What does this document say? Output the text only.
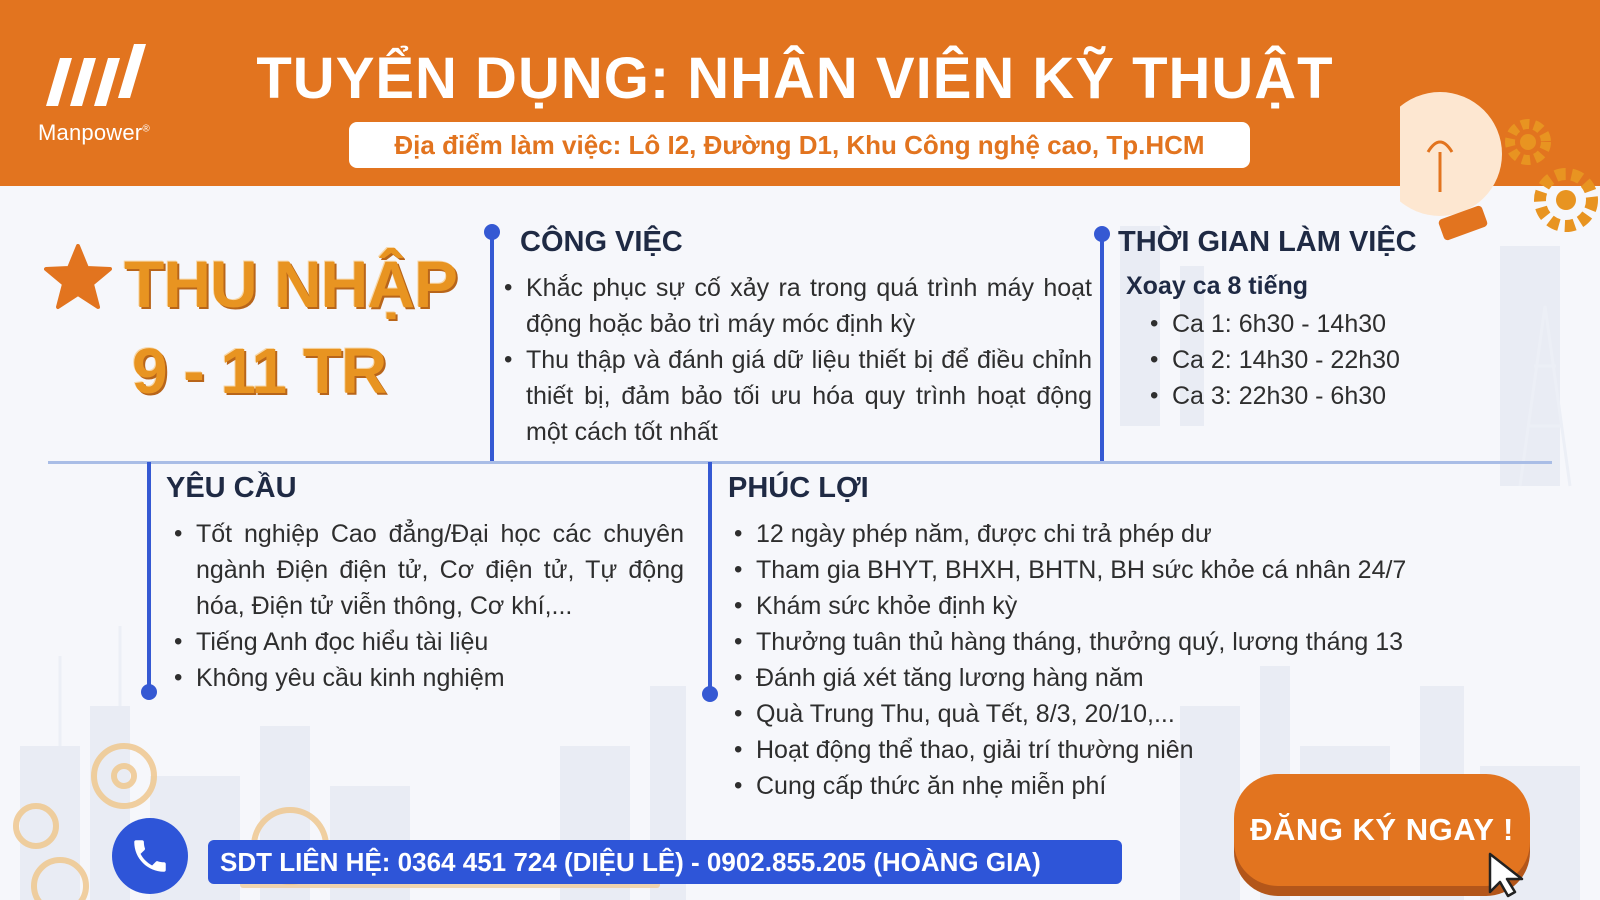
Manpower®
TUYỂN DỤNG: NHÂN VIÊN KỸ THUẬT
Địa điểm làm việc: Lô I2, Đường D1, Khu Công nghệ cao, Tp.HCM
THU NHẬP
9 - 11 TR
CÔNG VIỆC
• Khắc phục sự cố xảy ra trong quá trình máy hoạt động hoặc bảo trì máy móc định kỳ
• Thu thập và đánh giá dữ liệu thiết bị để điều chỉnh thiết bị, đảm bảo tối ưu hóa quy trình hoạt động một cách tốt nhất
THỜI GIAN LÀM VIỆC
Xoay ca 8 tiếng
• Ca 1: 6h30 - 14h30
• Ca 2: 14h30 - 22h30
• Ca 3: 22h30 - 6h30
YÊU CẦU
• Tốt nghiệp Cao đẳng/Đại học các chuyên ngành Điện điện tử, Cơ điện tử, Tự động hóa, Điện tử viễn thông, Cơ khí,...
• Tiếng Anh đọc hiểu tài liệu
• Không yêu cầu kinh nghiệm
PHÚC LỢI
• 12 ngày phép năm, được chi trả phép dư
• Tham gia BHYT, BHXH, BHTN, BH sức khỏe cá nhân 24/7
• Khám sức khỏe định kỳ
• Thưởng tuân thủ hàng tháng, thưởng quý, lương tháng 13
• Đánh giá xét tăng lương hàng năm
• Quà Trung Thu, quà Tết, 8/3, 20/10,...
• Hoạt động thể thao, giải trí thường niên
• Cung cấp thức ăn nhẹ miễn phí
SDT LIÊN HỆ: 0364 451 724 (DIỆU LÊ) - 0902.855.205 (HOÀNG GIA)
ĐĂNG KÝ NGAY !
